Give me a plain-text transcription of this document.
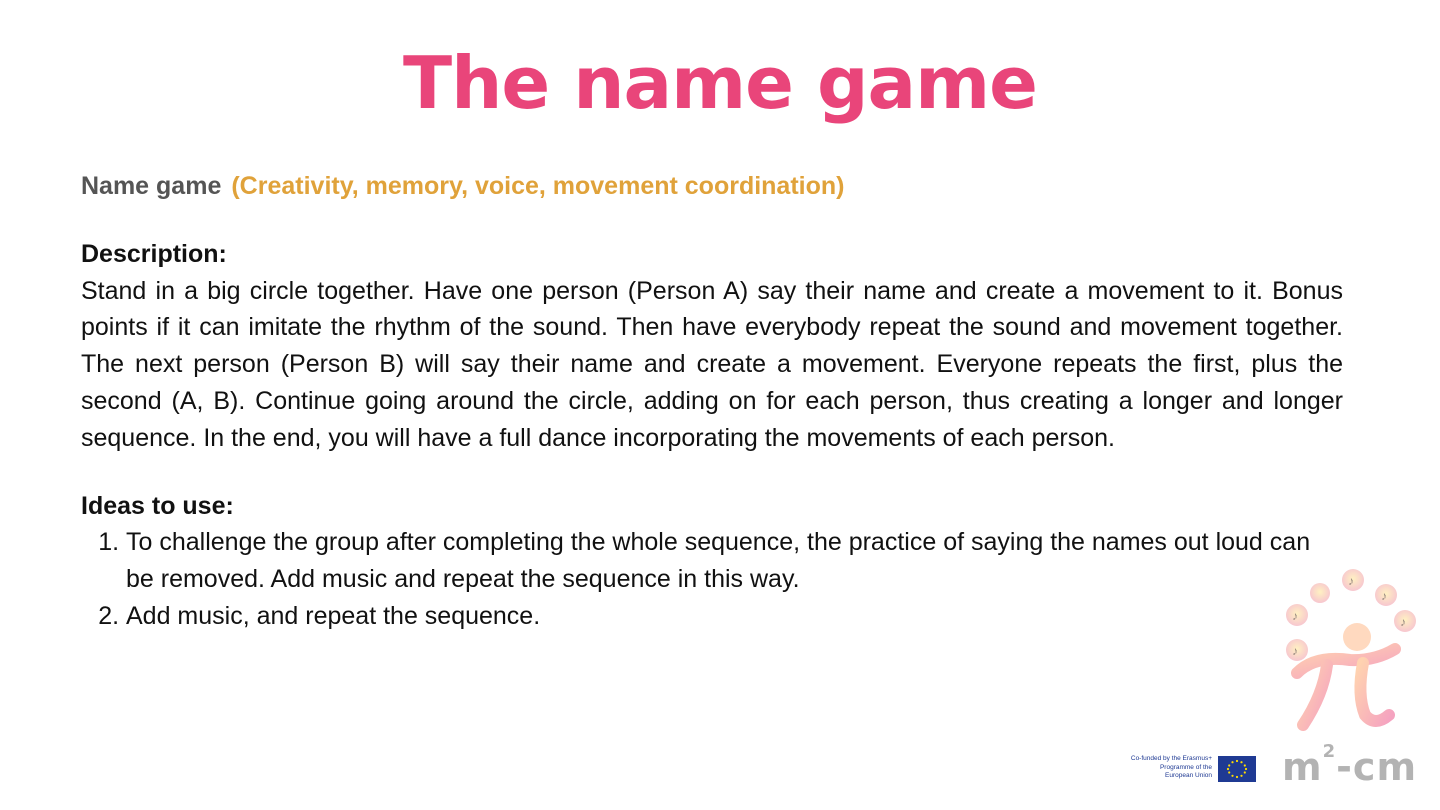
The name game

Name game (Creativity, memory, voice, movement coordination)

Description:

Stand in a big circle together. Have one person (Person A) say their name and create a movement to it. Bonus points if it can imitate the rhythm of the sound. Then have everybody repeat the sound and movement together. The next person (Person B) will say their name and create a movement. Everyone repeats the first, plus the second (A, B). Continue going around the circle, adding on for each person, thus creating a longer and longer sequence. In the end, you will have a full dance incorporating the movements of each person.

Ideas to use:

1. To challenge the group after completing the whole sequence, the practice of saying the names out loud can be removed. Add music and repeat the sequence in this way.
2. Add music, and repeat the sequence.
♪
♪
♪
♪
♪
Co-funded by the Erasmus+ Programme of the European Union $m^2-cm$
